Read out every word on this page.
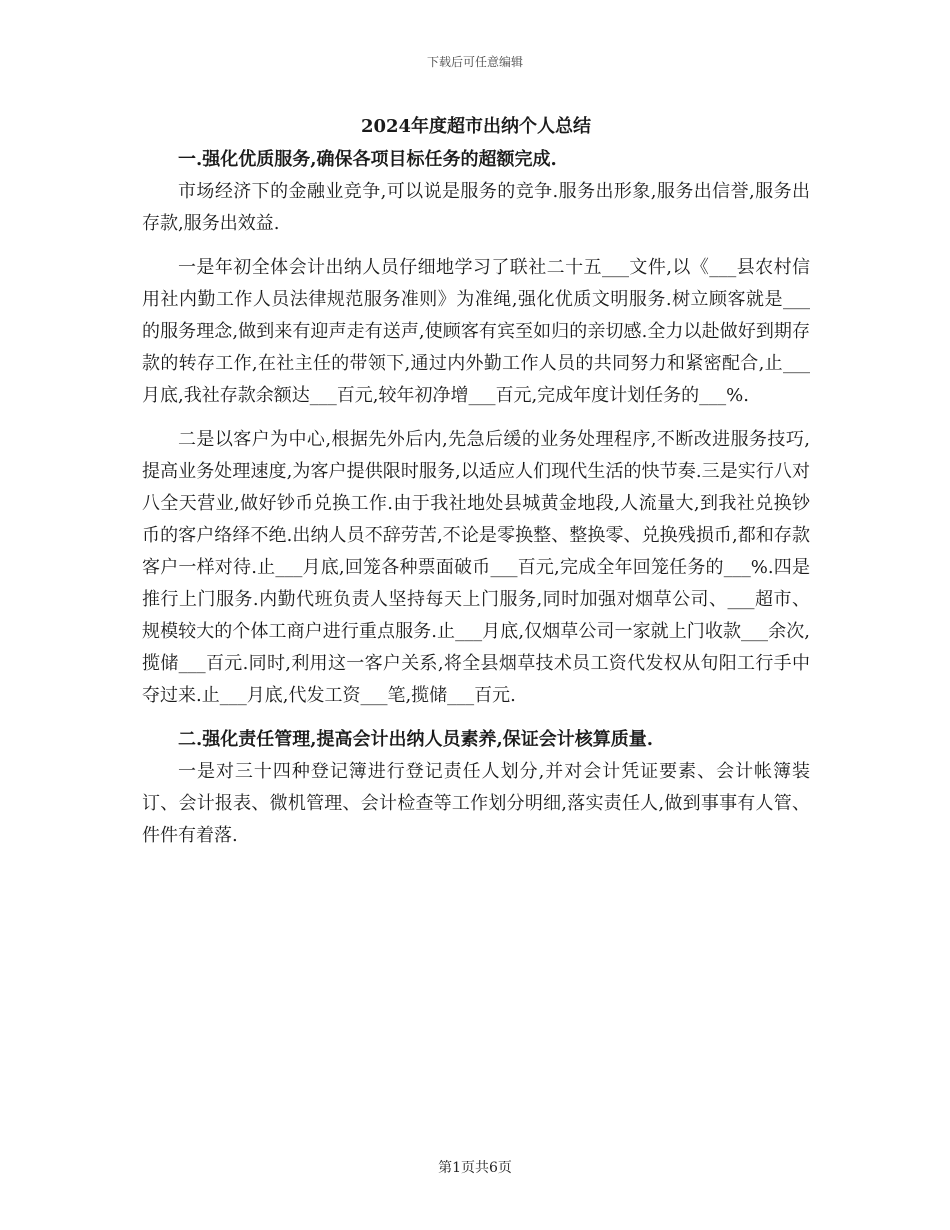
下载后可任意编辑
2024年度超市出纳个人总结

一.强化优质服务,确保各项目标任务的超额完成.

市场经济下的金融业竞争,可以说是服务的竞争.服务出形象,服务出信誉,服务出存款,服务出效益.

一是年初全体会计出纳人员仔细地学习了联社二十五___文件,以《___县农村信用社内勤工作人员法律规范服务准则》为准绳,强化优质文明服务.树立顾客就是___的服务理念,做到来有迎声走有送声,使顾客有宾至如归的亲切感.全力以赴做好到期存款的转存工作,在社主任的带领下,通过内外勤工作人员的共同努力和紧密配合,止___月底,我社存款余额达___百元,较年初净增___百元,完成年度计划任务的___%.

二是以客户为中心,根据先外后内,先急后缓的业务处理程序,不断改进服务技巧,提高业务处理速度,为客户提供限时服务,以适应人们现代生活的快节奏.三是实行八对八全天营业,做好钞币兑换工作.由于我社地处县城黄金地段,人流量大,到我社兑换钞币的客户络绎不绝.出纳人员不辞劳苦,不论是零换整、整换零、兑换残损币,都和存款客户一样对待.止___月底,回笼各种票面破币___百元,完成全年回笼任务的___%.四是推行上门服务.内勤代班负责人坚持每天上门服务,同时加强对烟草公司、___超市、规模较大的个体工商户进行重点服务.止___月底,仅烟草公司一家就上门收款___余次,揽储___百元.同时,利用这一客户关系,将全县烟草技术员工资代发权从旬阳工行手中夺过来.止___月底,代发工资___笔,揽储___百元.

二.强化责任管理,提高会计出纳人员素养,保证会计核算质量.

一是对三十四种登记簿进行登记责任人划分,并对会计凭证要素、会计帐簿装订、会计报表、微机管理、会计检查等工作划分明细,落实责任人,做到事事有人管、件件有着落.

第1页共6页
